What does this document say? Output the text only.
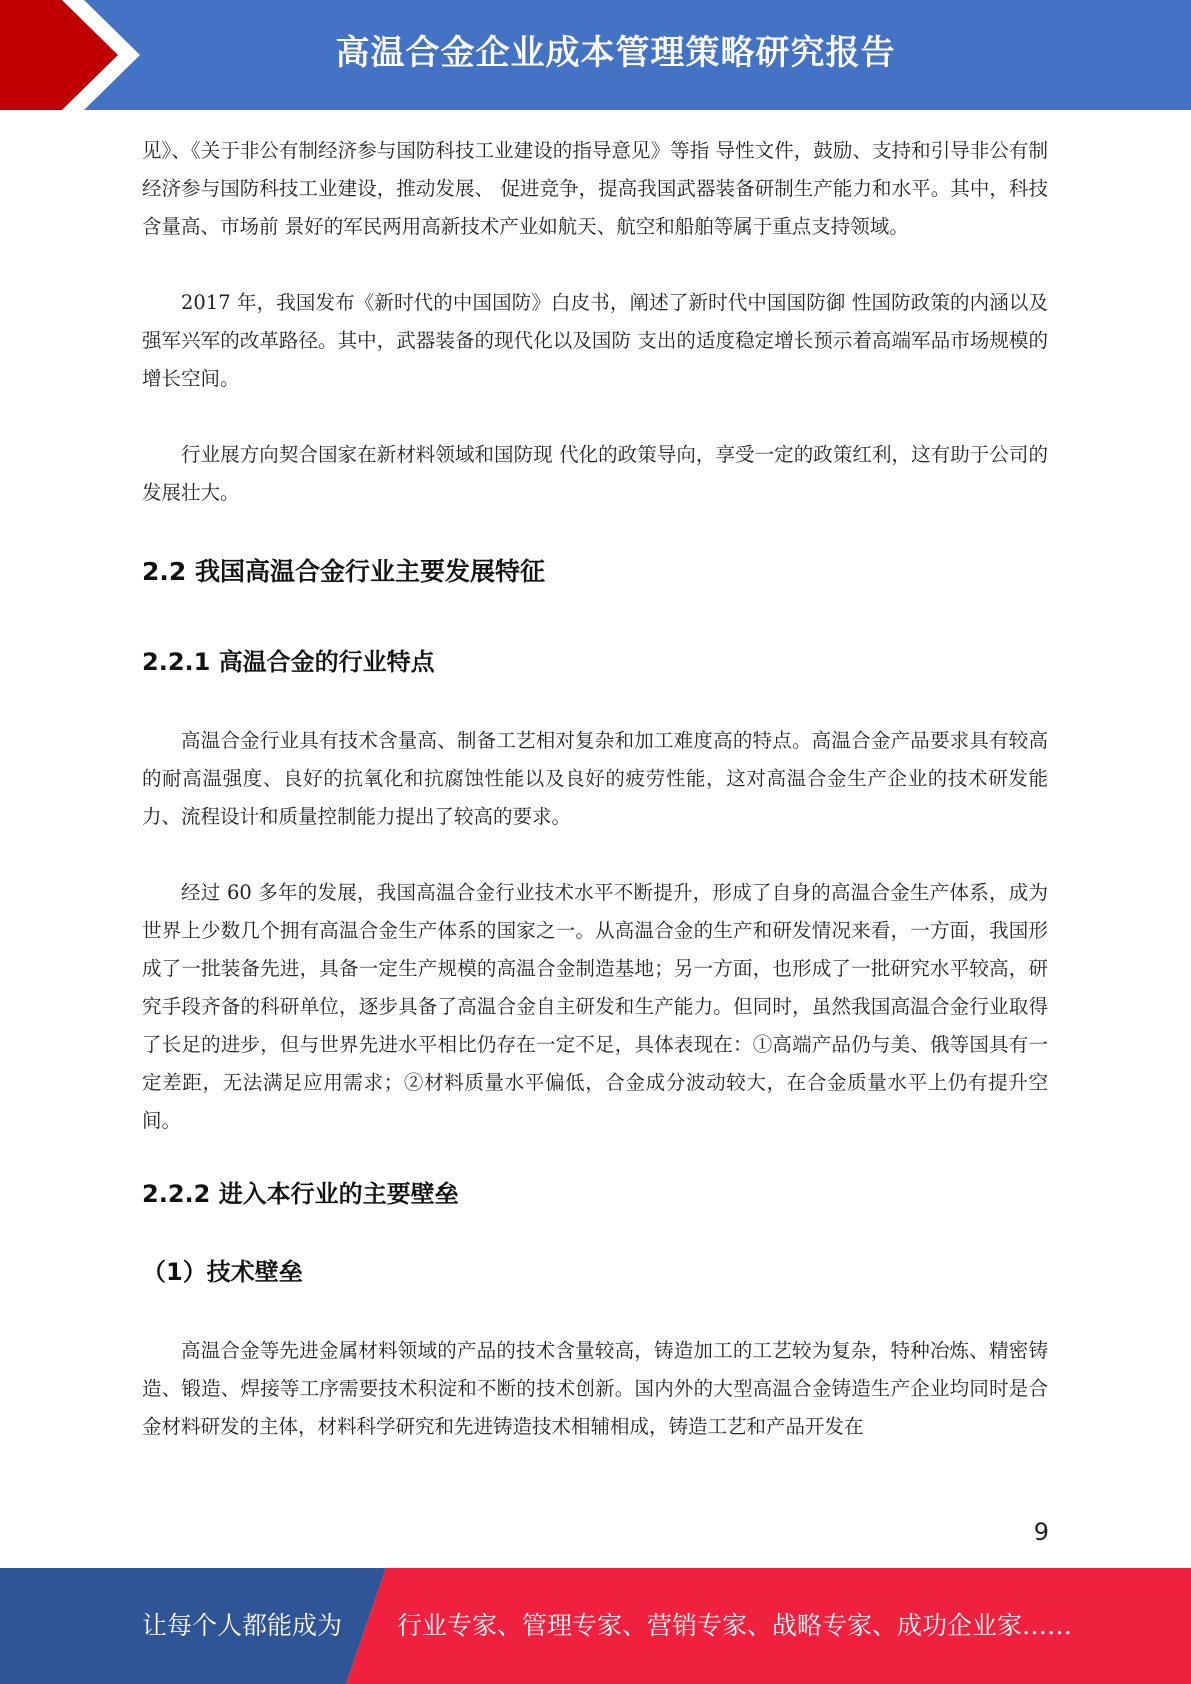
高温合金企业成本管理策略研究报告

见》、《关于非公有制经济参与国防科技工业建设的指导意见》等指 导性文件，鼓励、支持和引导非公有制经济参与国防科技工业建设，推动发展、 促进竞争，提高我国武器装备研制生产能力和水平。其中，科技含量高、市场前 景好的军民两用高新技术产业如航天、航空和船舶等属于重点支持领域。

2017 年，我国发布《新时代的中国国防》白皮书，阐述了新时代中国国防御 性国防政策的内涵以及强军兴军的改革路径。其中，武器装备的现代化以及国防 支出的适度稳定增长预示着高端军品市场规模的增长空间。

行业展方向契合国家在新材料领域和国防现 代化的政策导向，享受一定的政策红利，这有助于公司的发展壮大。

2.2 我国高温合金行业主要发展特征
2.2.1 高温合金的行业特点

高温合金行业具有技术含量高、制备工艺相对复杂和加工难度高的特点。高温合金产品要求具有较高的耐高温强度、良好的抗氧化和抗腐蚀性能以及良好的疲劳性能，这对高温合金生产企业的技术研发能力、流程设计和质量控制能力提出了较高的要求。

经过 60 多年的发展，我国高温合金行业技术水平不断提升，形成了自身的高温合金生产体系，成为世界上少数几个拥有高温合金生产体系的国家之一。从高温合金的生产和研发情况来看，一方面，我国形成了一批装备先进，具备一定生产规模的高温合金制造基地；另一方面，也形成了一批研究水平较高，研究手段齐备的科研单位，逐步具备了高温合金自主研发和生产能力。但同时，虽然我国高温合金行业取得了长足的进步，但与世界先进水平相比仍存在一定不足，具体表现在：①高端产品仍与美、俄等国具有一定差距，无法满足应用需求；②材料质量水平偏低，合金成分波动较大，在合金质量水平上仍有提升空间。

2.2.2 进入本行业的主要壁垒
（1）技术壁垒

高温合金等先进金属材料领域的产品的技术含量较高，铸造加工的工艺较为复杂，特种冶炼、精密铸造、锻造、焊接等工序需要技术积淀和不断的技术创新。国内外的大型高温合金铸造生产企业均同时是合金材料研发的主体，材料科学研究和先进铸造技术相辅相成，铸造工艺和产品开发在

9
让每个人都能成为 行业专家、管理专家、营销专家、战略专家、成功企业家……
